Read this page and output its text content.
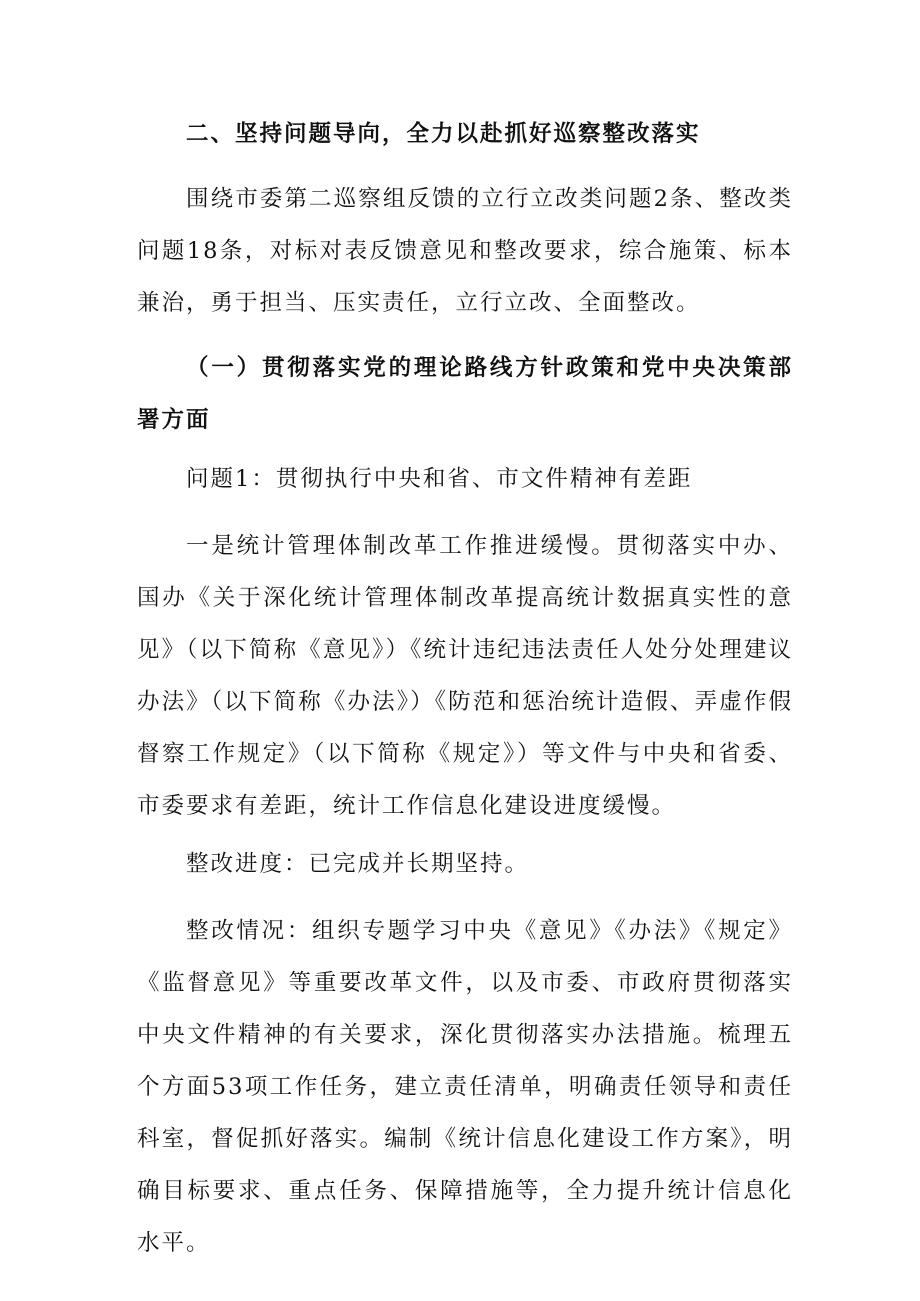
二、坚持问题导向，全力以赴抓好巡察整改落实

围绕市委第二巡察组反馈的立行立改类问题2条、整改类问题18条，对标对表反馈意见和整改要求，综合施策、标本兼治，勇于担当、压实责任，立行立改、全面整改。

（一）贯彻落实党的理论路线方针政策和党中央决策部署方面

问题1：贯彻执行中央和省、市文件精神有差距

一是统计管理体制改革工作推进缓慢。贯彻落实中办、国办《关于深化统计管理体制改革提高统计数据真实性的意见》（以下简称《意见》）《统计违纪违法责任人处分处理建议办法》（以下简称《办法》）《防范和惩治统计造假、弄虚作假督察工作规定》（以下简称《规定》）等文件与中央和省委、市委要求有差距，统计工作信息化建设进度缓慢。

整改进度：已完成并长期坚持。

整改情况：组织专题学习中央《意见》《办法》《规定》《监督意见》等重要改革文件，以及市委、市政府贯彻落实中央文件精神的有关要求，深化贯彻落实办法措施。梳理五个方面53项工作任务，建立责任清单，明确责任领导和责任科室，督促抓好落实。编制《统计信息化建设工作方案》，明确目标要求、重点任务、保障措施等，全力提升统计信息化水平。
